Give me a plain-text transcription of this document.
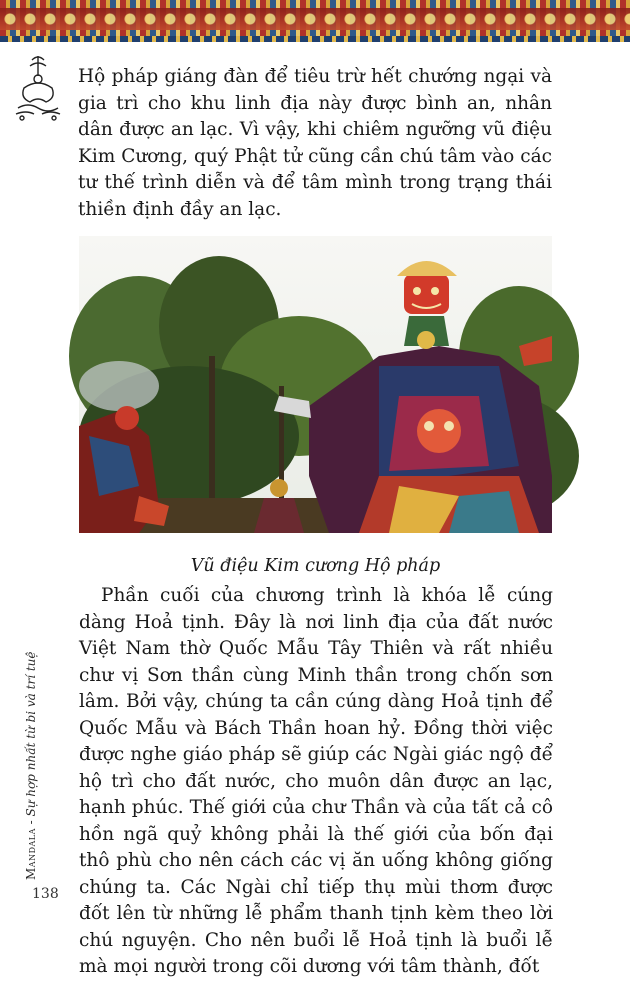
Hộ pháp giáng đàn để tiêu trừ hết chướng ngại và gia trì cho khu linh địa này được bình an, nhân dân được an lạc. Vì vậy, khi chiêm ngưỡng vũ điệu Kim Cương, quý Phật tử cũng cần chú tâm vào các tư thế trình diễn và để tâm mình trong trạng thái thiền định đầy an lạc.

Vũ điệu Kim cương Hộ pháp

Phần cuối của chương trình là khóa lễ cúng dàng Hoả tịnh. Đây là nơi linh địa của đất nước Việt Nam thờ Quốc Mẫu Tây Thiên và rất nhiều chư vị Sơn thần cùng Minh thần trong chốn sơn lâm. Bởi vậy, chúng ta cần cúng dàng Hoả tịnh để Quốc Mẫu và Bách Thần hoan hỷ. Đồng thời việc được nghe giáo pháp sẽ giúp các Ngài giác ngộ để hộ trì cho đất nước, cho muôn dân được an lạc, hạnh phúc. Thế giới của chư Thần và của tất cả cô hồn ngã quỷ không phải là thế giới của bốn đại thô phù cho nên cách các vị ăn uống không giống chúng ta. Các Ngài chỉ tiếp thụ mùi thơm được đốt lên từ những lễ phẩm thanh tịnh kèm theo lời chú nguyện. Cho nên buổi lễ Hoả tịnh là buổi lễ mà mọi người trong cõi dương với tâm thành, đốt

Mandala - Sự hợp nhất từ bi và trí tuệ
138
